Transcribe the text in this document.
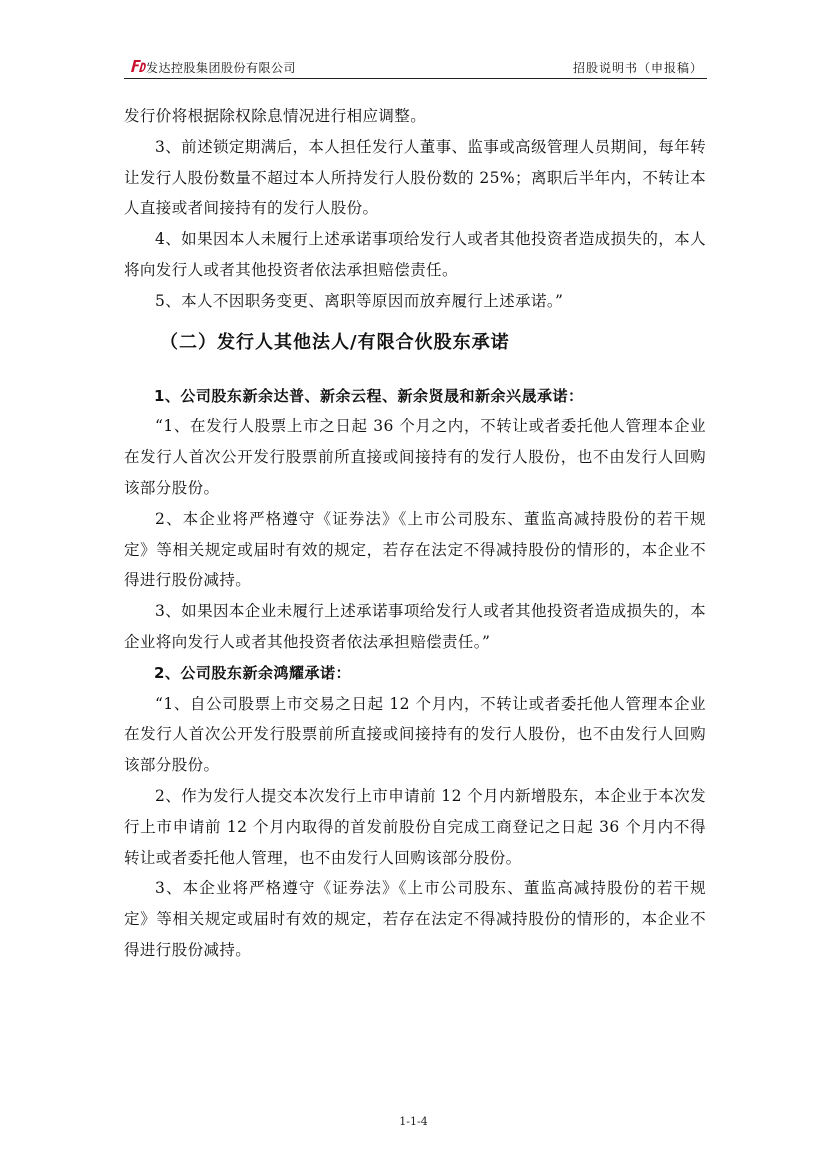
发达控股集团股份有限公司	招股说明书（申报稿）

发行价将根据除权除息情况进行相应调整。

3、前述锁定期满后，本人担任发行人董事、监事或高级管理人员期间，每年转让发行人股份数量不超过本人所持发行人股份数的 25%；离职后半年内，不转让本人直接或者间接持有的发行人股份。

4、如果因本人未履行上述承诺事项给发行人或者其他投资者造成损失的，本人将向发行人或者其他投资者依法承担赔偿责任。

5、本人不因职务变更、离职等原因而放弃履行上述承诺。”

（二）发行人其他法人/有限合伙股东承诺

1、公司股东新余达普、新余云程、新余贤晟和新余兴晟承诺：

“1、在发行人股票上市之日起 36 个月之内，不转让或者委托他人管理本企业在发行人首次公开发行股票前所直接或间接持有的发行人股份，也不由发行人回购该部分股份。

2、本企业将严格遵守《证券法》《上市公司股东、董监高减持股份的若干规定》等相关规定或届时有效的规定，若存在法定不得减持股份的情形的，本企业不得进行股份减持。

3、如果因本企业未履行上述承诺事项给发行人或者其他投资者造成损失的，本企业将向发行人或者其他投资者依法承担赔偿责任。”

2、公司股东新余鸿耀承诺：

“1、自公司股票上市交易之日起 12 个月内，不转让或者委托他人管理本企业在发行人首次公开发行股票前所直接或间接持有的发行人股份，也不由发行人回购该部分股份。

2、作为发行人提交本次发行上市申请前 12 个月内新增股东，本企业于本次发行上市申请前 12 个月内取得的首发前股份自完成工商登记之日起 36 个月内不得转让或者委托他人管理，也不由发行人回购该部分股份。

3、本企业将严格遵守《证券法》《上市公司股东、董监高减持股份的若干规定》等相关规定或届时有效的规定，若存在法定不得减持股份的情形的，本企业不得进行股份减持。

1-1-4
